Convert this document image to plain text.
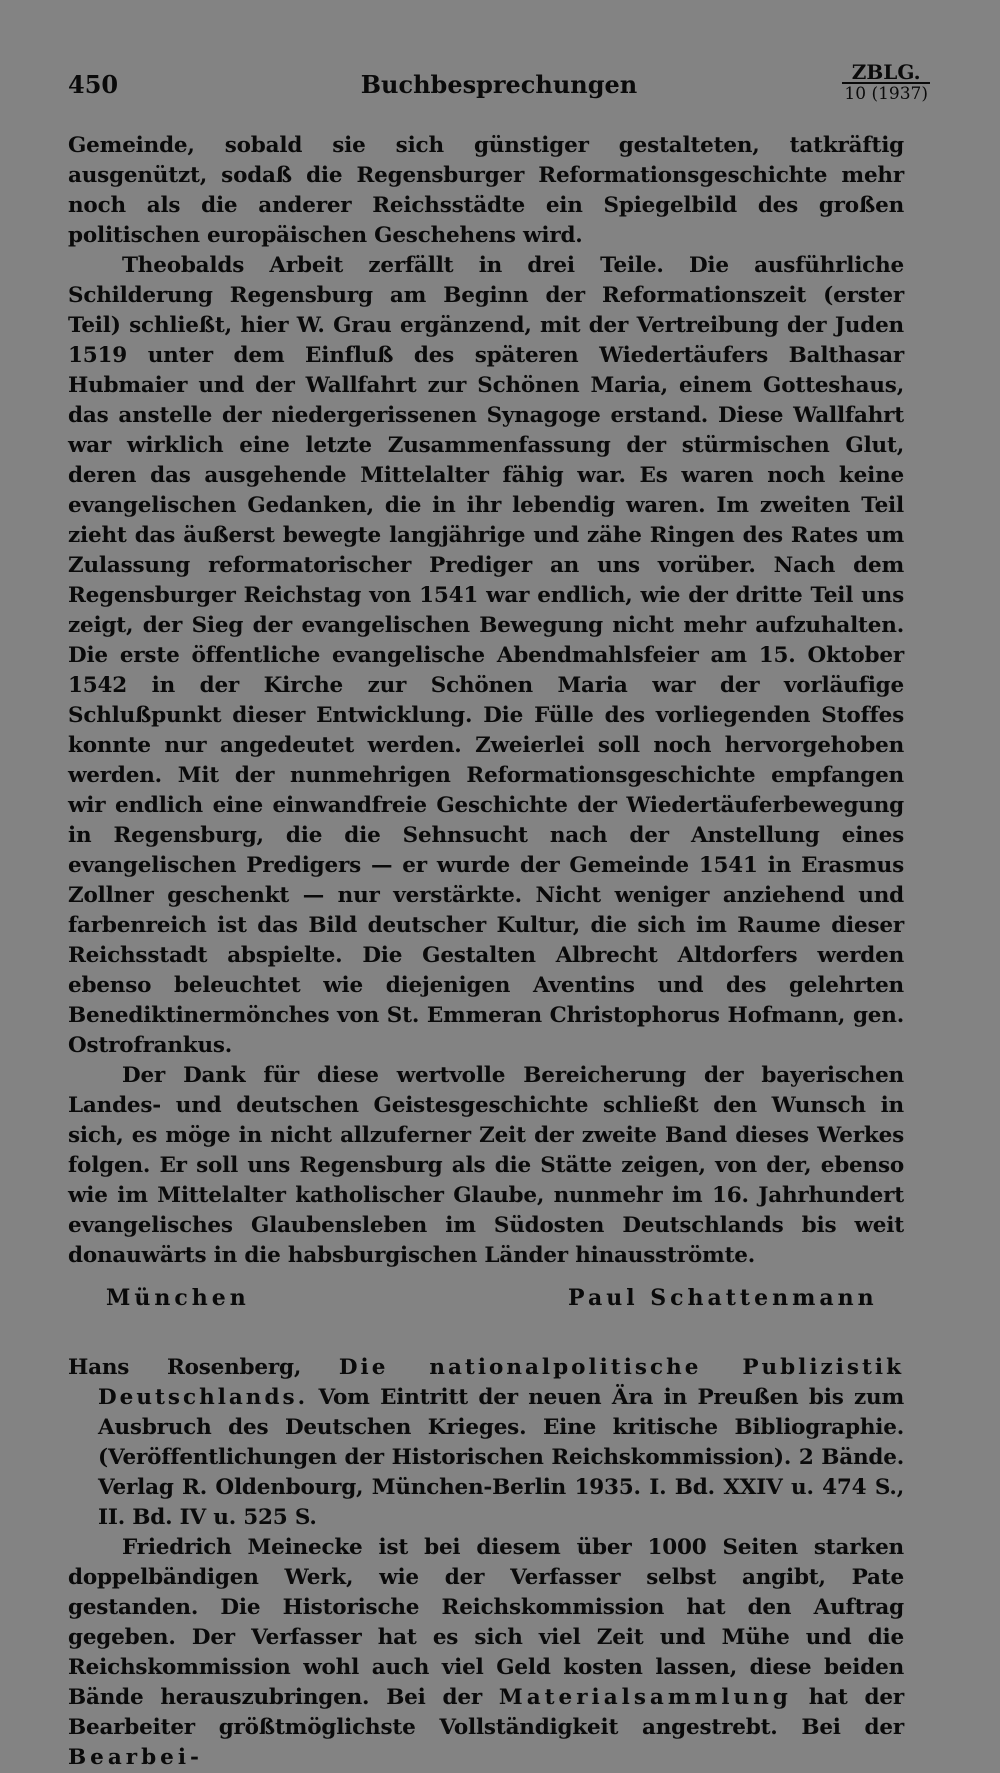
450	Buchbesprechungen	ZBLG.
10 (1937)

Gemeinde, sobald sie sich günstiger gestalteten, tatkräftig ausgenützt, sodaß die Regensburger Reformationsgeschichte mehr noch als die anderer Reichsstädte ein Spiegelbild des großen politischen europäischen Geschehens wird.

Theobalds Arbeit zerfällt in drei Teile. Die ausführliche Schilderung Regensburg am Beginn der Reformationszeit (erster Teil) schließt, hier W. Grau ergänzend, mit der Vertreibung der Juden 1519 unter dem Einfluß des späteren Wiedertäufers Balthasar Hubmaier und der Wallfahrt zur Schönen Maria, einem Gotteshaus, das anstelle der niedergerissenen Synagoge erstand. Diese Wallfahrt war wirklich eine letzte Zusammenfassung der stürmischen Glut, deren das ausgehende Mittelalter fähig war. Es waren noch keine evangelischen Gedanken, die in ihr lebendig waren. Im zweiten Teil zieht das äußerst bewegte langjährige und zähe Ringen des Rates um Zulassung reformatorischer Prediger an uns vorüber. Nach dem Regensburger Reichstag von 1541 war endlich, wie der dritte Teil uns zeigt, der Sieg der evangelischen Bewegung nicht mehr aufzuhalten. Die erste öffentliche evangelische Abendmahlsfeier am 15. Oktober 1542 in der Kirche zur Schönen Maria war der vorläufige Schlußpunkt dieser Entwicklung. Die Fülle des vorliegenden Stoffes konnte nur angedeutet werden. Zweierlei soll noch hervorgehoben werden. Mit der nunmehrigen Reformationsgeschichte empfangen wir endlich eine einwandfreie Geschichte der Wiedertäuferbewegung in Regensburg, die die Sehnsucht nach der Anstellung eines evangelischen Predigers — er wurde der Gemeinde 1541 in Erasmus Zollner geschenkt — nur verstärkte. Nicht weniger anziehend und farbenreich ist das Bild deutscher Kultur, die sich im Raume dieser Reichsstadt abspielte. Die Gestalten Albrecht Altdorfers werden ebenso beleuchtet wie diejenigen Aventins und des gelehrten Benediktinermönches von St. Emmeran Christophorus Hofmann, gen. Ostrofrankus.

Der Dank für diese wertvolle Bereicherung der bayerischen Landes- und deutschen Geistesgeschichte schließt den Wunsch in sich, es möge in nicht allzuferner Zeit der zweite Band dieses Werkes folgen. Er soll uns Regensburg als die Stätte zeigen, von der, ebenso wie im Mittelalter katholischer Glaube, nunmehr im 16. Jahrhundert evangelisches Glaubensleben im Südosten Deutschlands bis weit donauwärts in die habsburgischen Länder hinausströmte.

München	Paul Schattenmann

Hans Rosenberg, Die nationalpolitische Publizistik Deutschlands. Vom Eintritt der neuen Ära in Preußen bis zum Ausbruch des Deutschen Krieges. Eine kritische Bibliographie. (Veröffentlichungen der Historischen Reichskommission). 2 Bände. Verlag R. Oldenbourg, München-Berlin 1935. I. Bd. XXIV u. 474 S., II. Bd. IV u. 525 S.

Friedrich Meinecke ist bei diesem über 1000 Seiten starken doppelbändigen Werk, wie der Verfasser selbst angibt, Pate gestanden. Die Historische Reichskommission hat den Auftrag gegeben. Der Verfasser hat es sich viel Zeit und Mühe und die Reichskommission wohl auch viel Geld kosten lassen, diese beiden Bände herauszubringen. Bei der Materialsammlung hat der Bearbeiter größtmöglichste Vollständigkeit angestrebt. Bei der Bearbei-
